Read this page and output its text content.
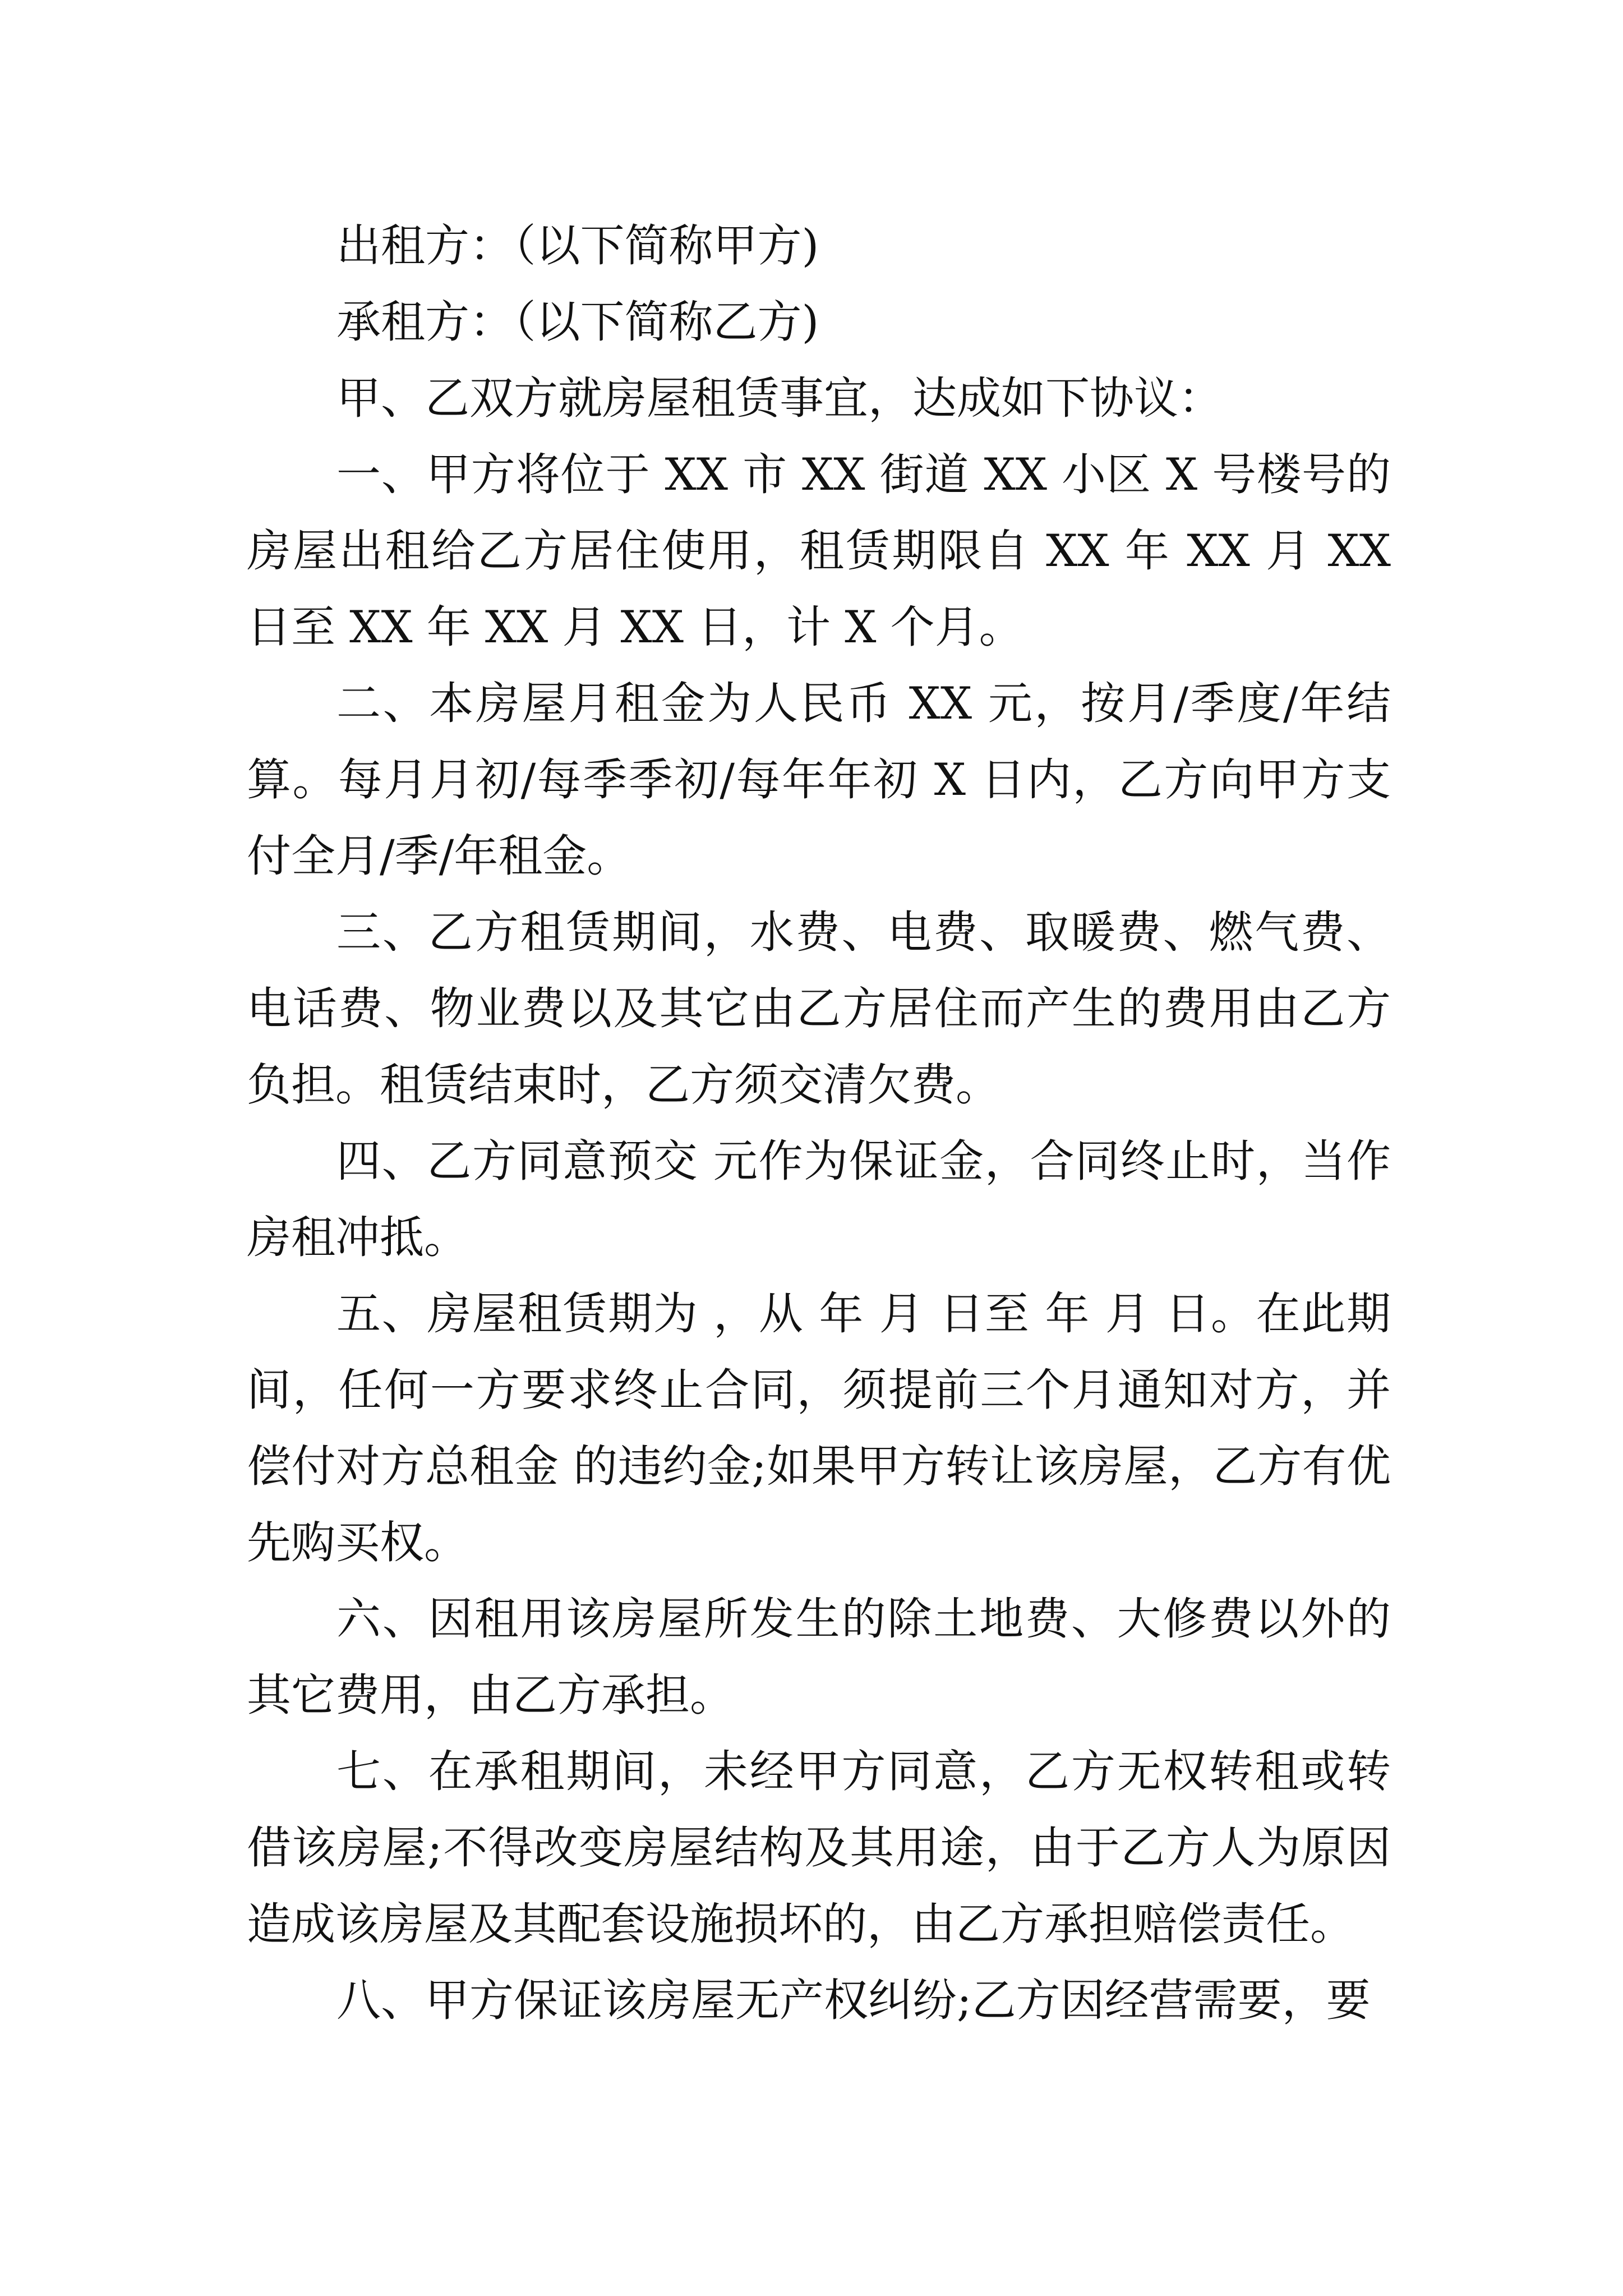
出租方：（以下简称甲方)

承租方：（以下简称乙方)

甲、乙双方就房屋租赁事宜，达成如下协议：

一、甲方将位于 XX 市 XX 街道 XX 小区 X 号楼号的房屋出租给乙方居住使用，租赁期限自 XX 年 XX 月 XX 日至 XX 年 XX 月 XX 日，计 X 个月。

二、本房屋月租金为人民币 XX 元，按月/季度/年结算。每月月初/每季季初/每年年初 X 日内，乙方向甲方支付全月/季/年租金。

三、乙方租赁期间，水费、电费、取暖费、燃气费、电话费、物业费以及其它由乙方居住而产生的费用由乙方负担。租赁结束时，乙方须交清欠费。

四、乙方同意预交 元作为保证金，合同终止时，当作房租冲抵。

五、房屋租赁期为 ，从 年 月 日至 年 月 日。在此期间，任何一方要求终止合同，须提前三个月通知对方，并偿付对方总租金 的违约金;如果甲方转让该房屋，乙方有优先购买权。

六、因租用该房屋所发生的除土地费、大修费以外的其它费用，由乙方承担。

七、在承租期间，未经甲方同意，乙方无权转租或转借该房屋;不得改变房屋结构及其用途，由于乙方人为原因造成该房屋及其配套设施损坏的，由乙方承担赔偿责任。

八、甲方保证该房屋无产权纠纷;乙方因经营需要，要
